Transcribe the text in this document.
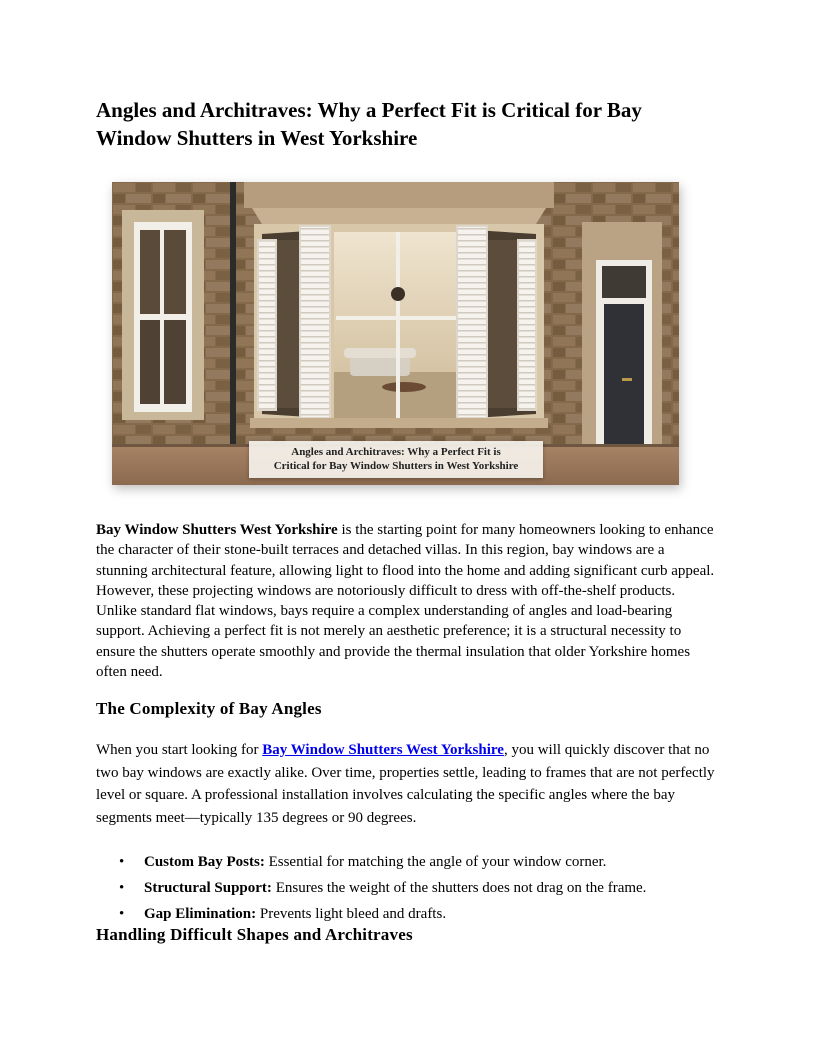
Angles and Architraves: Why a Perfect Fit is Critical for Bay Window Shutters in West Yorkshire
Angles and Architraves: Why a Perfect Fit is
Critical for Bay Window Shutters in West Yorkshire

Bay Window Shutters West Yorkshire is the starting point for many homeowners looking to enhance the character of their stone-built terraces and detached villas. In this region, bay windows are a stunning architectural feature, allowing light to flood into the home and adding significant curb appeal. However, these projecting windows are notoriously difficult to dress with off-the-shelf products. Unlike standard flat windows, bays require a complex understanding of angles and load-bearing support. Achieving a perfect fit is not merely an aesthetic preference; it is a structural necessity to ensure the shutters operate smoothly and provide the thermal insulation that older Yorkshire homes often need.

The Complexity of Bay Angles

When you start looking for Bay Window Shutters West Yorkshire, you will quickly discover that no two bay windows are exactly alike. Over time, properties settle, leading to frames that are not perfectly level or square. A professional installation involves calculating the specific angles where the bay segments meet—typically 135 degrees or 90 degrees.

• Custom Bay Posts: Essential for matching the angle of your window corner.
• Structural Support: Ensures the weight of the shutters does not drag on the frame.
• Gap Elimination: Prevents light bleed and drafts.
Handling Difficult Shapes and Architraves
